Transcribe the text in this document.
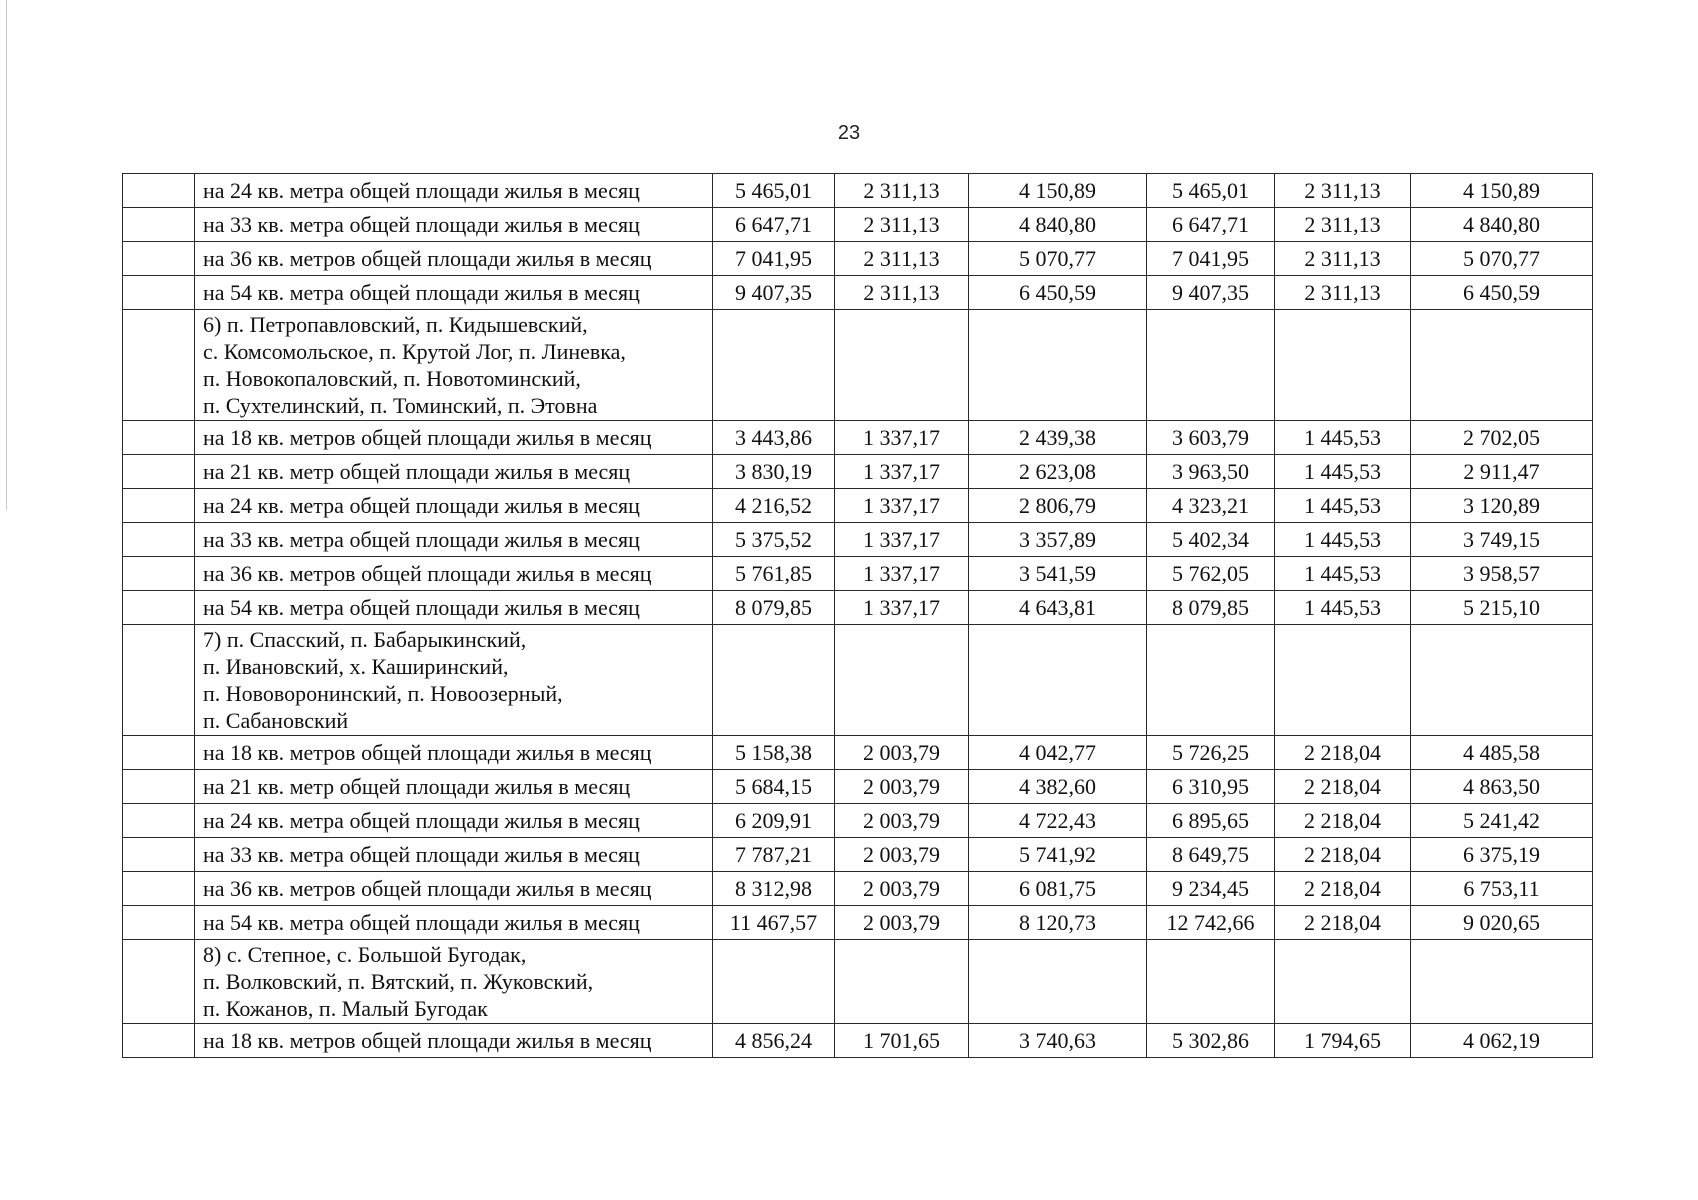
23
	на 24 кв. метра общей площади жилья в месяц	5 465,01	2 311,13	4 150,89	5 465,01	2 311,13	4 150,89
	на 33 кв. метра общей площади жилья в месяц	6 647,71	2 311,13	4 840,80	6 647,71	2 311,13	4 840,80
	на 36 кв. метров общей площади жилья в месяц	7 041,95	2 311,13	5 070,77	7 041,95	2 311,13	5 070,77
	на 54 кв. метра общей площади жилья в месяц	9 407,35	2 311,13	6 450,59	9 407,35	2 311,13	6 450,59
	6) п. Петропавловский, п. Кидышевский,
с. Комсомольское, п. Крутой Лог, п. Линевка,
п. Новокопаловский, п. Новотоминский,
п. Сухтелинский, п. Томинский, п. Этовна						
	на 18 кв. метров общей площади жилья в месяц	3 443,86	1 337,17	2 439,38	3 603,79	1 445,53	2 702,05
	на 21 кв. метр общей площади жилья в месяц	3 830,19	1 337,17	2 623,08	3 963,50	1 445,53	2 911,47
	на 24 кв. метра общей площади жилья в месяц	4 216,52	1 337,17	2 806,79	4 323,21	1 445,53	3 120,89
	на 33 кв. метра общей площади жилья в месяц	5 375,52	1 337,17	3 357,89	5 402,34	1 445,53	3 749,15
	на 36 кв. метров общей площади жилья в месяц	5 761,85	1 337,17	3 541,59	5 762,05	1 445,53	3 958,57
	на 54 кв. метра общей площади жилья в месяц	8 079,85	1 337,17	4 643,81	8 079,85	1 445,53	5 215,10
	7) п. Спасский, п. Бабарыкинский,
п. Ивановский, х. Каширинский,
п. Нововоронинский, п. Новоозерный,
п. Сабановский						
	на 18 кв. метров общей площади жилья в месяц	5 158,38	2 003,79	4 042,77	5 726,25	2 218,04	4 485,58
	на 21 кв. метр общей площади жилья в месяц	5 684,15	2 003,79	4 382,60	6 310,95	2 218,04	4 863,50
	на 24 кв. метра общей площади жилья в месяц	6 209,91	2 003,79	4 722,43	6 895,65	2 218,04	5 241,42
	на 33 кв. метра общей площади жилья в месяц	7 787,21	2 003,79	5 741,92	8 649,75	2 218,04	6 375,19
	на 36 кв. метров общей площади жилья в месяц	8 312,98	2 003,79	6 081,75	9 234,45	2 218,04	6 753,11
	на 54 кв. метра общей площади жилья в месяц	11 467,57	2 003,79	8 120,73	12 742,66	2 218,04	9 020,65
	8) с. Степное, с. Большой Бугодак,
п. Волковский, п. Вятский, п. Жуковский,
п. Кожанов, п. Малый Бугодак						
	на 18 кв. метров общей площади жилья в месяц	4 856,24	1 701,65	3 740,63	5 302,86	1 794,65	4 062,19
